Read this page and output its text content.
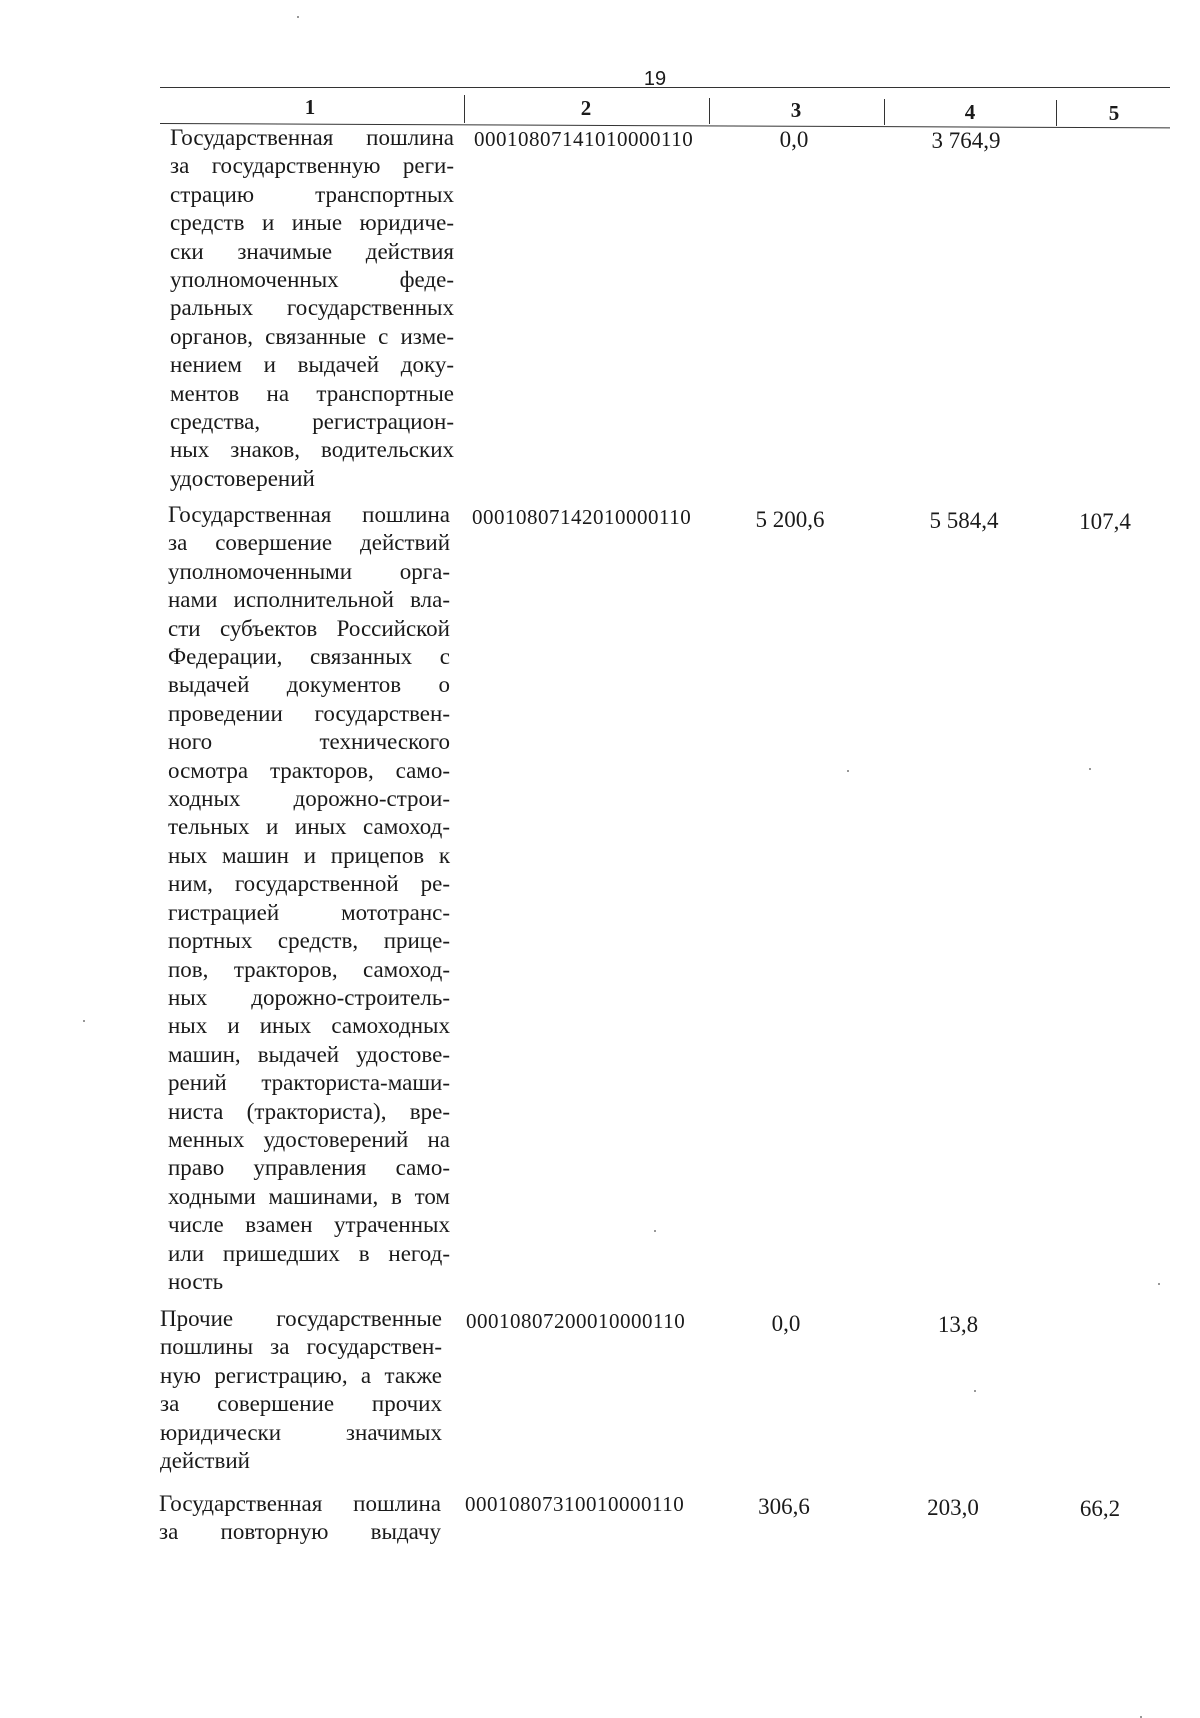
19
1	2	3	4	5
Государственная пошлина
за государственную реги-
страцию транспортных
средств и иные юридиче-
ски значимые действия
уполномоченных феде-
ральных государственных
органов, связанные с изме-
нением и выдачей доку-
ментов на транспортные
средства, регистрацион-
ных знаков, водительских
удостоверений
00010807141010000110	0,0	3 764,9
Государственная пошлина
за совершение действий
уполномоченными орга-
нами исполнительной вла-
сти субъектов Российской
Федерации, связанных с
выдачей документов о
проведении государствен-
ного технического
осмотра тракторов, само-
ходных дорожно-строи-
тельных и иных самоход-
ных машин и прицепов к
ним, государственной ре-
гистрацией мототранс-
портных средств, прице-
пов, тракторов, самоход-
ных дорожно-строитель-
ных и иных самоходных
машин, выдачей удостове-
рений тракториста-маши-
ниста (тракториста), вре-
менных удостоверений на
право управления само-
ходными машинами, в том
числе взамен утраченных
или пришедших в негод-
ность
00010807142010000110	5 200,6	5 584,4	107,4
Прочие государственные
пошлины за государствен-
ную регистрацию, а также
за совершение прочих
юридически значимых
действий
00010807200010000110	0,0	13,8
Государственная пошлина
за повторную выдачу
00010807310010000110	306,6	203,0	66,2
